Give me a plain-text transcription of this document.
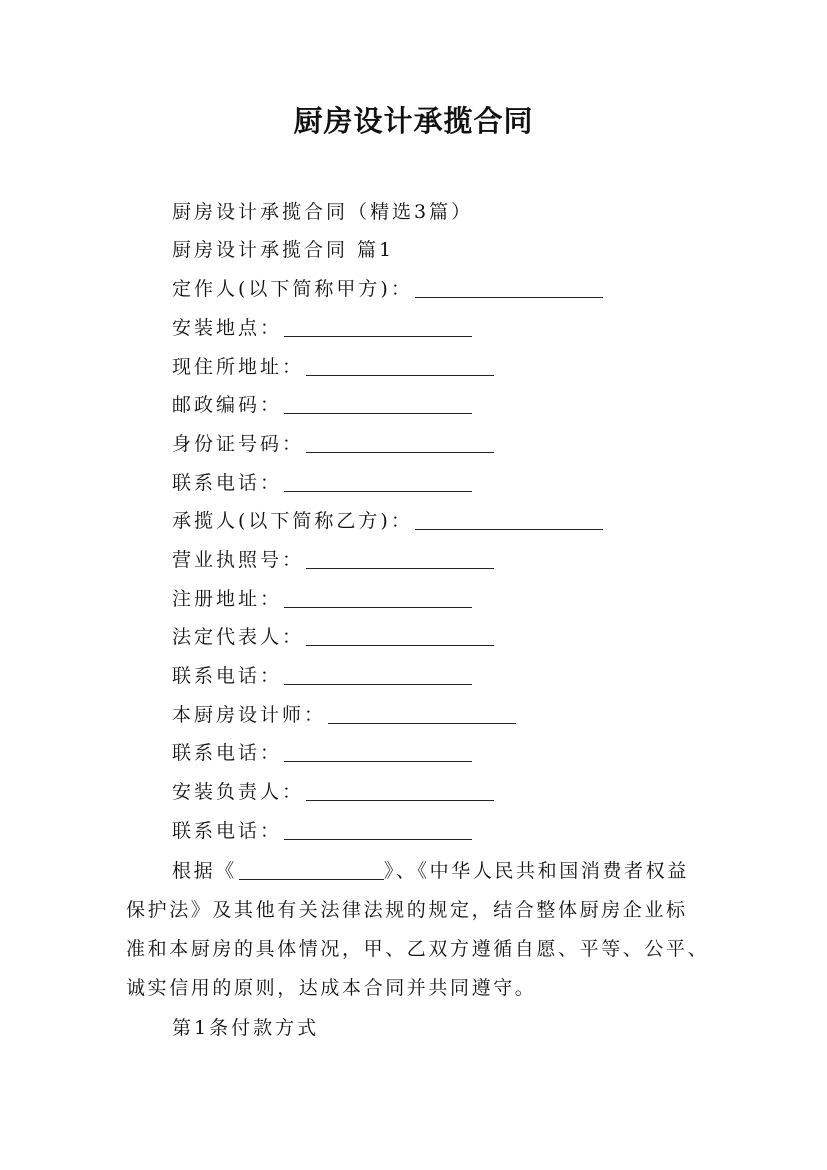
厨房设计承揽合同
厨房设计承揽合同（精选3篇）
厨房设计承揽合同 篇1
定作人(以下简称甲方)：
安装地点：
现住所地址：
邮政编码：
身份证号码：
联系电话：
承揽人(以下简称乙方)：
营业执照号：
注册地址：
法定代表人：
联系电话：
本厨房设计师：
联系电话：
安装负责人：
联系电话：
根据《	》、《中华人民共和国消费者权益
保护法》及其他有关法律法规的规定，结合整体厨房企业标
准和本厨房的具体情况，甲、乙双方遵循自愿、平等、公平、
诚实信用的原则，达成本合同并共同遵守。
第1条付款方式
